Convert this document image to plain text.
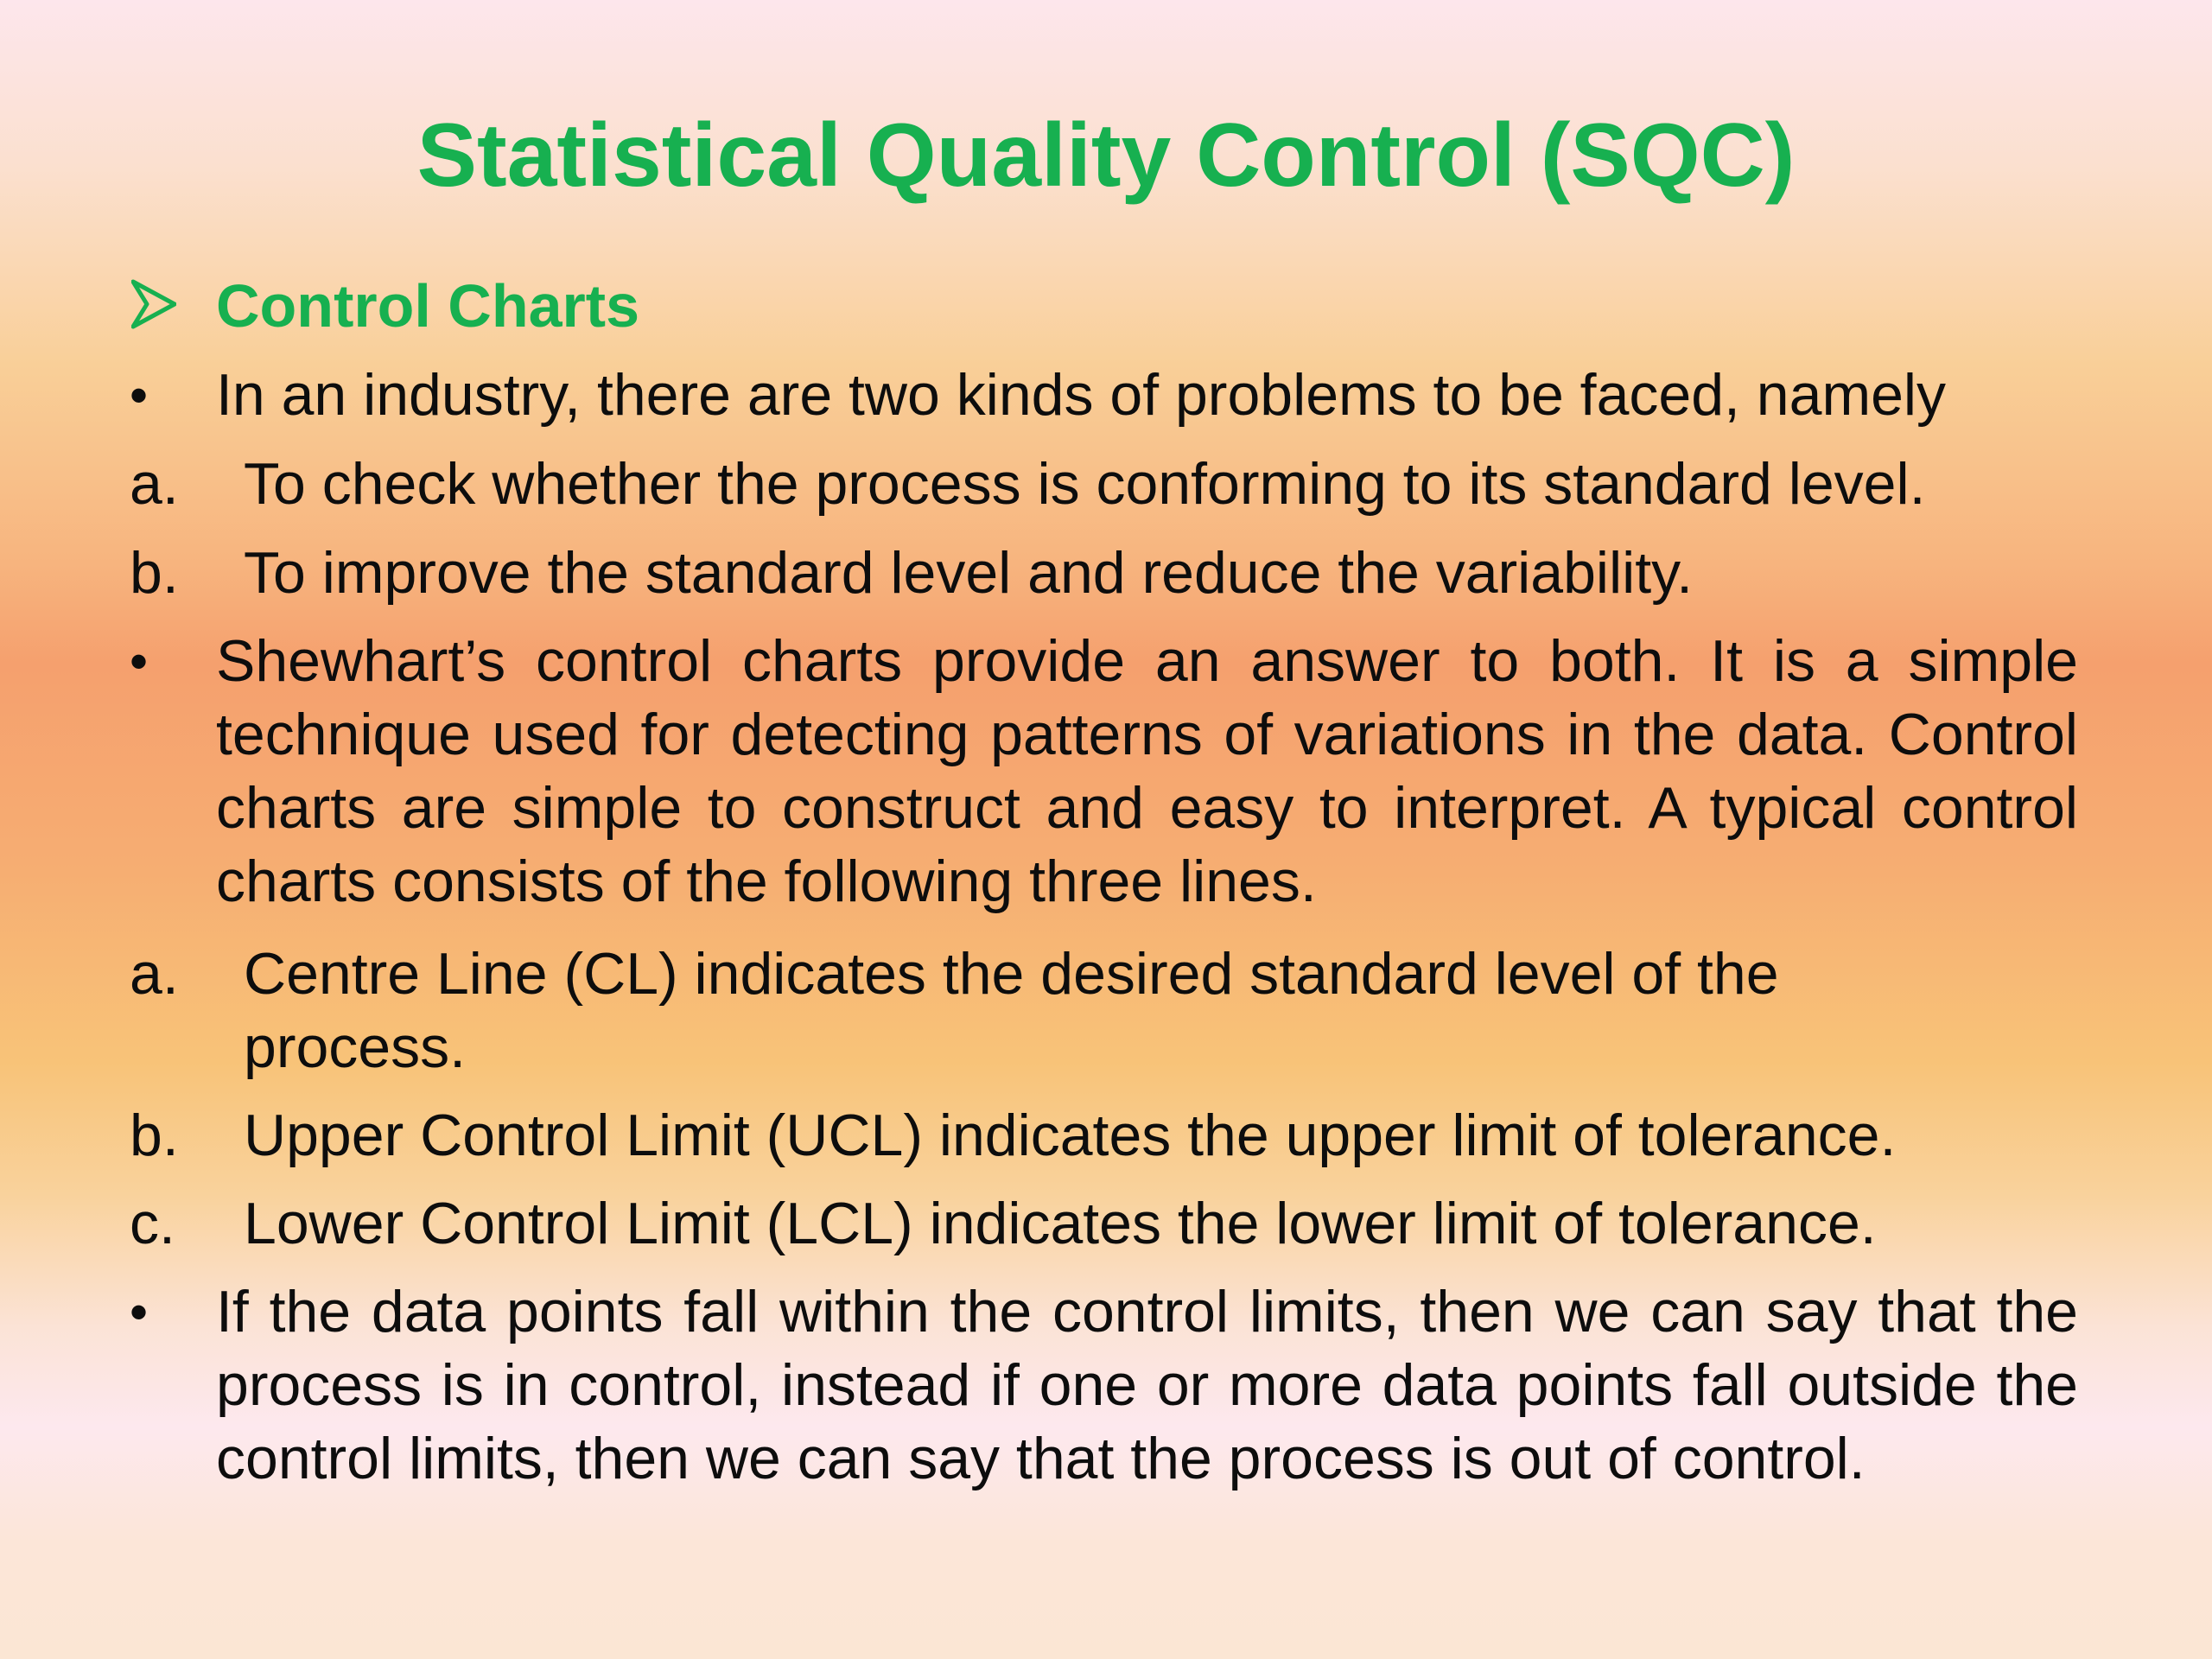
Statistical Quality Control (SQC)
Control Charts
• In an industry, there are two kinds of problems to be faced, namely
a. To check whether the process is conforming to its standard level.
b. To improve the standard level and reduce the variability.
• Shewhart’s control charts provide an answer to both. It is a simple technique used for detecting patterns of variations in the data. Control charts are simple to construct and easy to interpret. A typical control charts consists of the following three lines.
a. Centre Line (CL) indicates the desired standard level of the process.
b. Upper Control Limit (UCL) indicates the upper limit of tolerance.
c. Lower Control Limit (LCL) indicates the lower limit of tolerance.
• If the data points fall within the control limits, then we can say that the process is in control, instead if one or more data points fall outside the control limits, then we can say that the process is out of control.
